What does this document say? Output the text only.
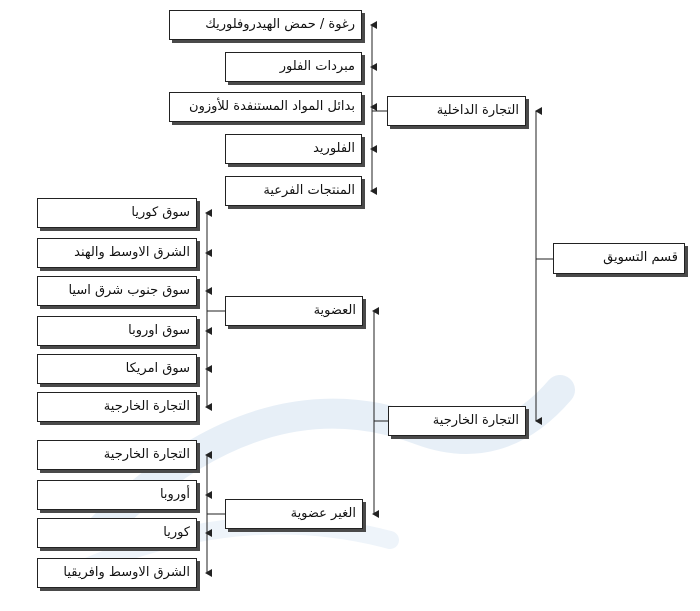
قسم التسويق
التجارة الداخلية
رغوة / حمض الهيدروفلوريك
مبردات الفلور
بدائل المواد المستنفدة للأوزون
الفلوريد
المنتجات الفرعية
التجارة الخارجية
العضوية
سوق كوريا
الشرق الاوسط والهند
سوق جنوب شرق اسيا
سوق اوروبا
سوق امريكا
التجارة الخارجية
الغير عضوية
التجارة الخارجية
أوروبا
كوريا
الشرق الاوسط وافريقيا
